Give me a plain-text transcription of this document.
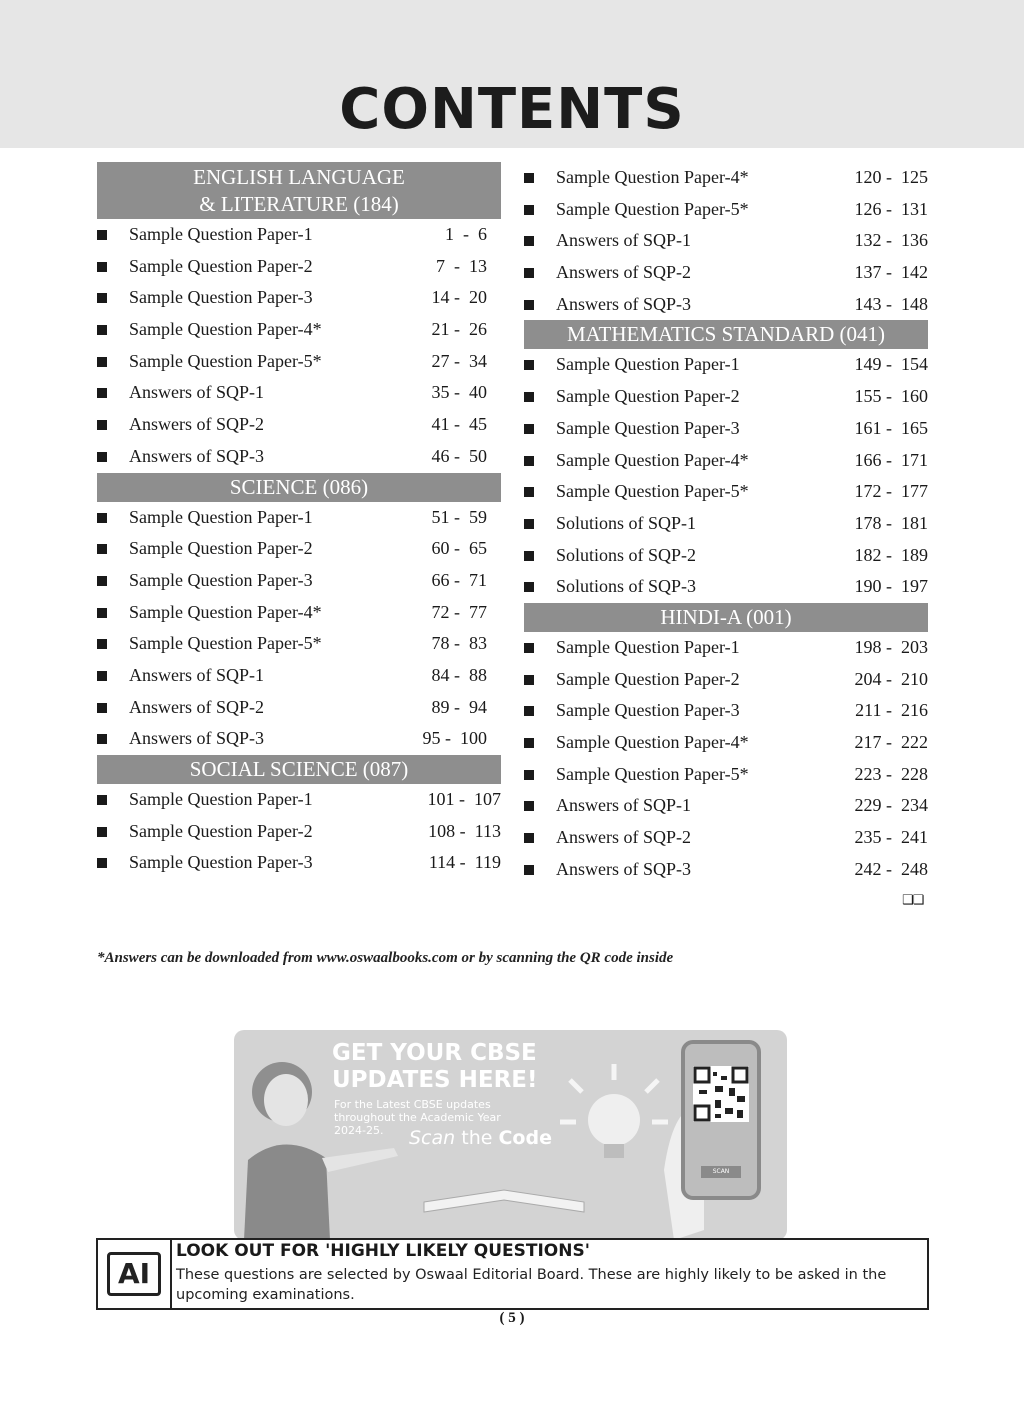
CONTENTS
ENGLISH LANGUAGE
& LITERATURE (184)
Sample Question Paper-1	1  -  6
Sample Question Paper-2	7  -  13
Sample Question Paper-3	14 -  20
Sample Question Paper-4*	21 -  26
Sample Question Paper-5*	27 -  34
Answers of SQP-1	35 -  40
Answers of SQP-2	41 -  45
Answers of SQP-3	46 -  50
SCIENCE (086)
Sample Question Paper-1	51 -  59
Sample Question Paper-2	60 -  65
Sample Question Paper-3	66 -  71
Sample Question Paper-4*	72 -  77
Sample Question Paper-5*	78 -  83
Answers of SQP-1	84 -  88
Answers of SQP-2	89 -  94
Answers of SQP-3	95 -  100
SOCIAL SCIENCE (087)
Sample Question Paper-1	101 -  107
Sample Question Paper-2	108 -  113
Sample Question Paper-3	114 -  119
Sample Question Paper-4*	120 -  125
Sample Question Paper-5*	126 -  131
Answers of SQP-1	132 -  136
Answers of SQP-2	137 -  142
Answers of SQP-3	143 -  148
MATHEMATICS STANDARD (041)
Sample Question Paper-1	149 -  154
Sample Question Paper-2	155 -  160
Sample Question Paper-3	161 -  165
Sample Question Paper-4*	166 -  171
Sample Question Paper-5*	172 -  177
Solutions of SQP-1	178 -  181
Solutions of SQP-2	182 -  189
Solutions of SQP-3	190 -  197
HINDI-A (001)
Sample Question Paper-1	198 -  203
Sample Question Paper-2	204 -  210
Sample Question Paper-3	211 -  216
Sample Question Paper-4*	217 -  222
Sample Question Paper-5*	223 -  228
Answers of SQP-1	229 -  234
Answers of SQP-2	235 -  241
Answers of SQP-3	242 -  248
❑❑
*Answers can be downloaded from www.oswaalbooks.com or by scanning the QR code inside
GET YOUR CBSE
UPDATES HERE!
For the Latest CBSE updates throughout the Academic Year 2024-25.	Scan the Code
SCAN
AI
LOOK OUT FOR 'HIGHLY LIKELY QUESTIONS'
These questions are selected by Oswaal Editorial Board. These are highly likely to be asked in the upcoming examinations.
( 5 )
